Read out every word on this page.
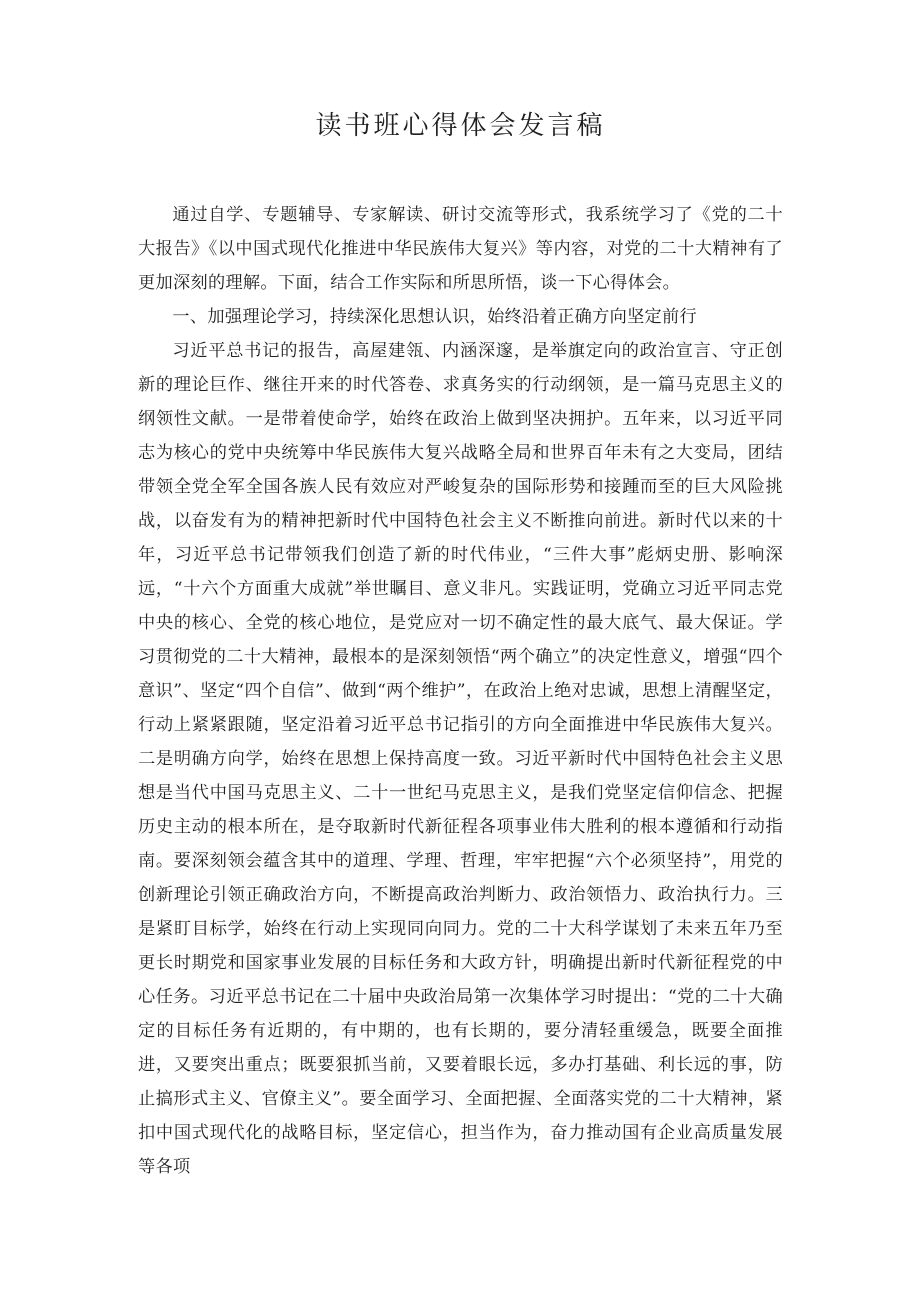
读书班心得体会发言稿

通过自学、专题辅导、专家解读、研讨交流等形式，我系统学习了《党的二十大报告》《以中国式现代化推进中华民族伟大复兴》等内容，对党的二十大精神有了更加深刻的理解。下面，结合工作实际和所思所悟，谈一下心得体会。

一、加强理论学习，持续深化思想认识，始终沿着正确方向坚定前行

习近平总书记的报告，高屋建瓴、内涵深邃，是举旗定向的政治宣言、守正创新的理论巨作、继往开来的时代答卷、求真务实的行动纲领，是一篇马克思主义的纲领性文献。一是带着使命学，始终在政治上做到坚决拥护。五年来，以习近平同志为核心的党中央统筹中华民族伟大复兴战略全局和世界百年未有之大变局，团结带领全党全军全国各族人民有效应对严峻复杂的国际形势和接踵而至的巨大风险挑战，以奋发有为的精神把新时代中国特色社会主义不断推向前进。新时代以来的十年，习近平总书记带领我们创造了新的时代伟业，“三件大事”彪炳史册、影响深远，“十六个方面重大成就”举世瞩目、意义非凡。实践证明，党确立习近平同志党中央的核心、全党的核心地位，是党应对一切不确定性的最大底气、最大保证。学习贯彻党的二十大精神，最根本的是深刻领悟“两个确立”的决定性意义，增强“四个意识”、坚定“四个自信”、做到“两个维护”，在政治上绝对忠诚，思想上清醒坚定，行动上紧紧跟随，坚定沿着习近平总书记指引的方向全面推进中华民族伟大复兴。二是明确方向学，始终在思想上保持高度一致。习近平新时代中国特色社会主义思想是当代中国马克思主义、二十一世纪马克思主义，是我们党坚定信仰信念、把握历史主动的根本所在，是夺取新时代新征程各项事业伟大胜利的根本遵循和行动指南。要深刻领会蕴含其中的道理、学理、哲理，牢牢把握“六个必须坚持”，用党的创新理论引领正确政治方向，不断提高政治判断力、政治领悟力、政治执行力。三是紧盯目标学，始终在行动上实现同向同力。党的二十大科学谋划了未来五年乃至更长时期党和国家事业发展的目标任务和大政方针，明确提出新时代新征程党的中心任务。习近平总书记在二十届中央政治局第一次集体学习时提出：“党的二十大确定的目标任务有近期的，有中期的，也有长期的，要分清轻重缓急，既要全面推进，又要突出重点；既要狠抓当前，又要着眼长远，多办打基础、利长远的事，防止搞形式主义、官僚主义”。要全面学习、全面把握、全面落实党的二十大精神，紧扣中国式现代化的战略目标，坚定信心，担当作为，奋力推动国有企业高质量发展等各项
